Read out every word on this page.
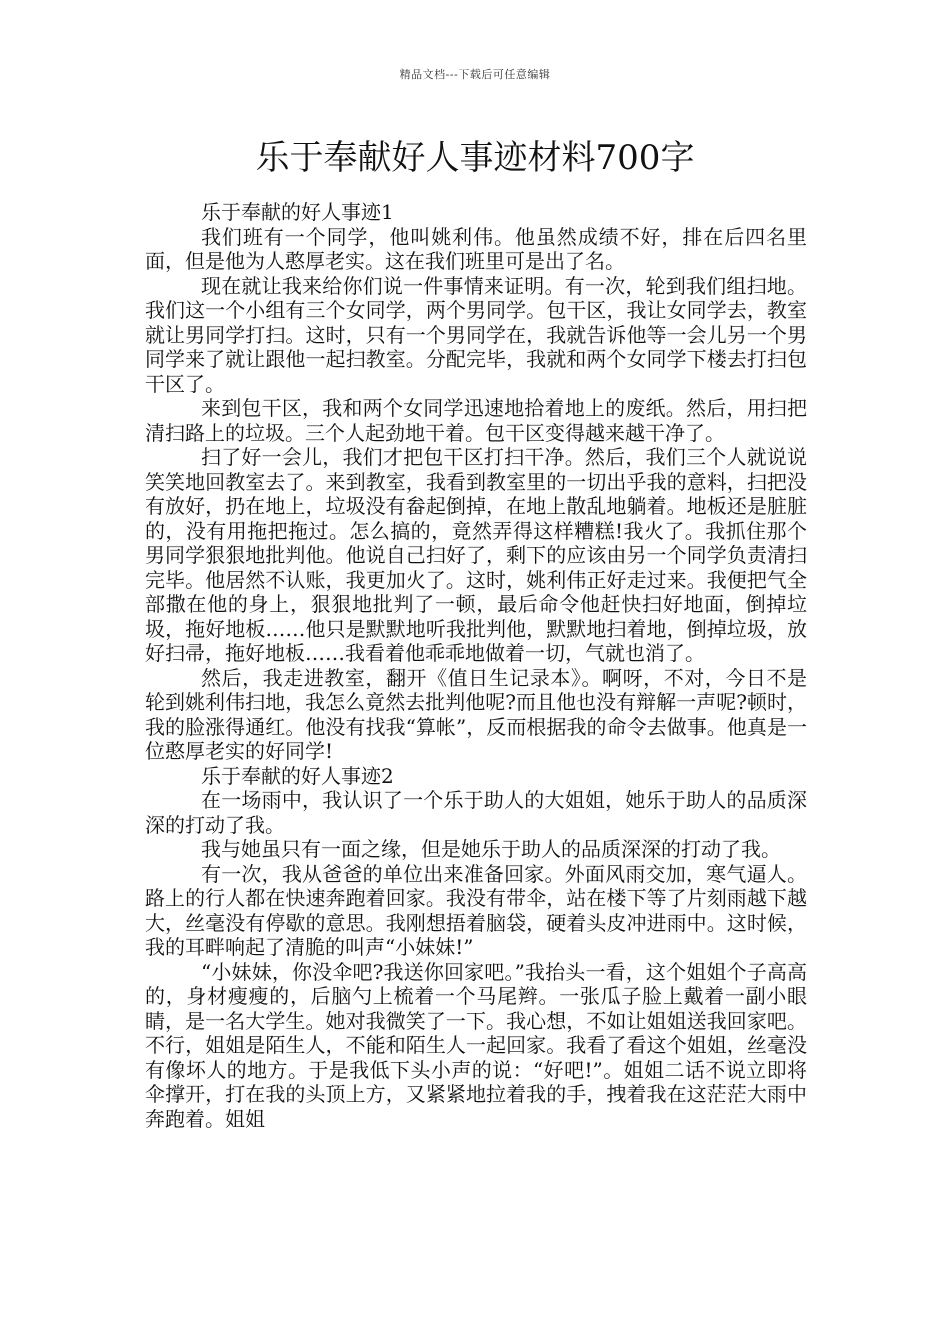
精品文档---下载后可任意编辑
乐于奉献好人事迹材料700字

乐于奉献的好人事迹1

我们班有一个同学，他叫姚利伟。他虽然成绩不好，排在后四名里面，但是他为人憨厚老实。这在我们班里可是出了名。

现在就让我来给你们说一件事情来证明。有一次，轮到我们组扫地。我们这一个小组有三个女同学，两个男同学。包干区，我让女同学去，教室就让男同学打扫。这时，只有一个男同学在，我就告诉他等一会儿另一个男同学来了就让跟他一起扫教室。分配完毕，我就和两个女同学下楼去打扫包干区了。

来到包干区，我和两个女同学迅速地拾着地上的废纸。然后，用扫把清扫路上的垃圾。三个人起劲地干着。包干区变得越来越干净了。

扫了好一会儿，我们才把包干区打扫干净。然后，我们三个人就说说笑笑地回教室去了。来到教室，我看到教室里的一切出乎我的意料，扫把没有放好，扔在地上，垃圾没有畚起倒掉，在地上散乱地躺着。地板还是脏脏的，没有用拖把拖过。怎么搞的，竟然弄得这样糟糕!我火了。我抓住那个男同学狠狠地批判他。他说自己扫好了，剩下的应该由另一个同学负责清扫完毕。他居然不认账，我更加火了。这时，姚利伟正好走过来。我便把气全部撒在他的身上，狠狠地批判了一顿，最后命令他赶快扫好地面，倒掉垃圾，拖好地板……他只是默默地听我批判他，默默地扫着地，倒掉垃圾，放好扫帚，拖好地板……我看着他乖乖地做着一切，气就也消了。

然后，我走进教室，翻开《值日生记录本》。啊呀，不对，今日不是轮到姚利伟扫地，我怎么竟然去批判他呢?而且他也没有辩解一声呢?顿时，我的脸涨得通红。他没有找我“算帐”，反而根据我的命令去做事。他真是一位憨厚老实的好同学!

乐于奉献的好人事迹2

在一场雨中，我认识了一个乐于助人的大姐姐，她乐于助人的品质深深的打动了我。

我与她虽只有一面之缘，但是她乐于助人的品质深深的打动了我。

有一次，我从爸爸的单位出来准备回家。外面风雨交加，寒气逼人。路上的行人都在快速奔跑着回家。我没有带伞，站在楼下等了片刻雨越下越大，丝毫没有停歇的意思。我刚想捂着脑袋，硬着头皮冲进雨中。这时候，我的耳畔响起了清脆的叫声“小妹妹!”

“小妹妹，你没伞吧?我送你回家吧。”我抬头一看，这个姐姐个子高高的，身材瘦瘦的，后脑勺上梳着一个马尾辫。一张瓜子脸上戴着一副小眼睛，是一名大学生。她对我微笑了一下。我心想，不如让姐姐送我回家吧。不行，姐姐是陌生人，不能和陌生人一起回家。我看了看这个姐姐，丝毫没有像坏人的地方。于是我低下头小声的说：“好吧!”。姐姐二话不说立即将伞撑开，打在我的头顶上方，又紧紧地拉着我的手，拽着我在这茫茫大雨中奔跑着。姐姐
